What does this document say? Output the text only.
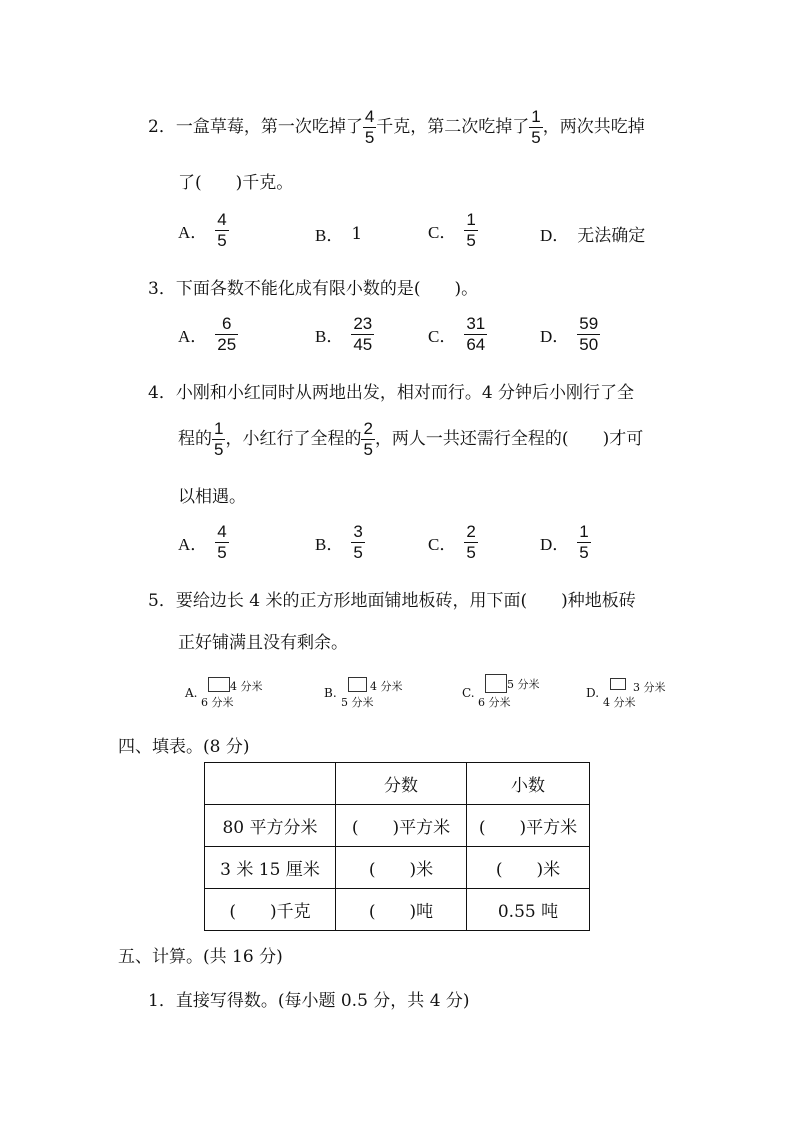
2．一盒草莓，第一次吃掉了 $\frac{4}{5}$ 千克，第二次吃掉了 $\frac{1}{5}$ ，两次共吃掉
了(　　)千克。
A． $\frac{4}{5}$	B． 1	C． $\frac{1}{5}$	D． 无法确定
3．下面各数不能化成有限小数的是(　　)。
A． $\frac{6}{25}$	B． $\frac{23}{45}$	C． $\frac{31}{64}$	D． $\frac{59}{50}$
4．小刚和小红同时从两地出发，相对而行。4 分钟后小刚行了全
程的 $\frac{1}{5}$ ，小红行了全程的 $\frac{2}{5}$ ，两人一共还需行全程的(　　)才可
以相遇。
A． $\frac{4}{5}$	B． $\frac{3}{5}$	C． $\frac{2}{5}$	D． $\frac{1}{5}$
5．要给边长 4 米的正方形地面铺地板砖，用下面(　　)种地板砖
正好铺满且没有剩余。
A.	4 分米
6 分米
B.	4 分米
5 分米
C.
5 分米
6 分米
D.	3 分米
4 分米
四、填表。(8 分)
	分数	小数
80 平方分米	(　　)平方米	(　　)平方米
3 米 15 厘米	(　　)米	(　　)米
(　　)千克	(　　)吨	0.55 吨
五、计算。(共 16 分)
1．直接写得数。(每小题 0.5 分，共 4 分)
